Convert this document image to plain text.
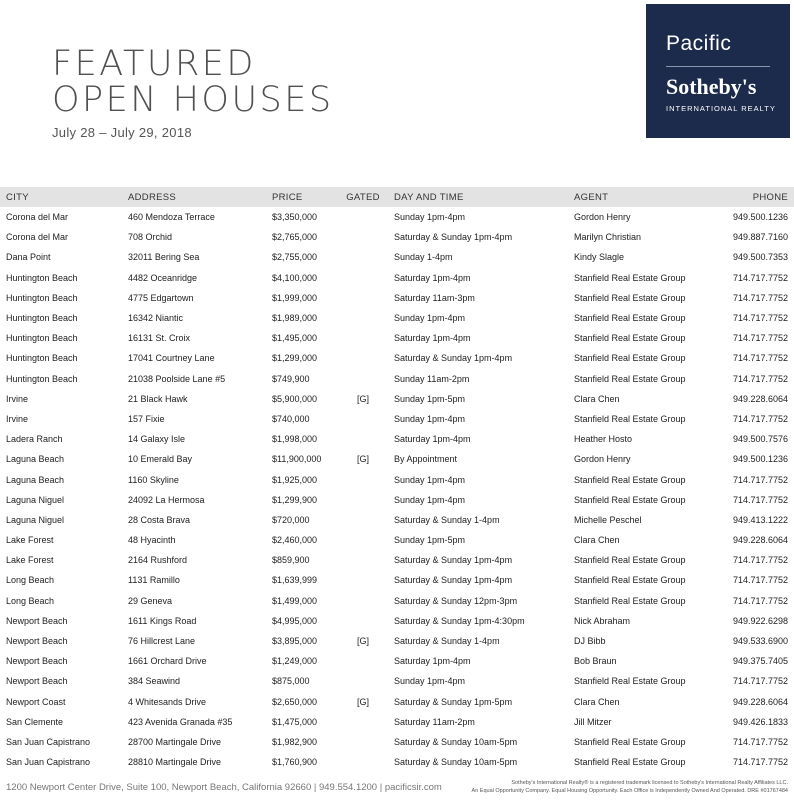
FEATURED
OPEN HOUSES
July 28 – July 29, 2018
Pacific
Sotheby's
INTERNATIONAL REALTY
CITY	ADDRESS	PRICE	GATED	DAY AND TIME	AGENT	PHONE
Corona del Mar	460 Mendoza Terrace	$3,350,000		Sunday 1pm-4pm	Gordon Henry	949.500.1236
Corona del Mar	708 Orchid	$2,765,000		Saturday & Sunday 1pm-4pm	Marilyn Christian	949.887.7160
Dana Point	32011 Bering Sea	$2,755,000		Sunday 1-4pm	Kindy Slagle	949.500.7353
Huntington Beach	4482 Oceanridge	$4,100,000		Saturday 1pm-4pm	Stanfield Real Estate Group	714.717.7752
Huntington Beach	4775 Edgartown	$1,999,000		Saturday 11am-3pm	Stanfield Real Estate Group	714.717.7752
Huntington Beach	16342 Niantic	$1,989,000		Sunday 1pm-4pm	Stanfield Real Estate Group	714.717.7752
Huntington Beach	16131 St. Croix	$1,495,000		Saturday 1pm-4pm	Stanfield Real Estate Group	714.717.7752
Huntington Beach	17041 Courtney Lane	$1,299,000		Saturday & Sunday 1pm-4pm	Stanfield Real Estate Group	714.717.7752
Huntington Beach	21038 Poolside Lane #5	$749,900		Sunday 11am-2pm	Stanfield Real Estate Group	714.717.7752
Irvine	21 Black Hawk	$5,900,000	[G]	Sunday 1pm-5pm	Clara Chen	949.228.6064
Irvine	157 Fixie	$740,000		Sunday 1pm-4pm	Stanfield Real Estate Group	714.717.7752
Ladera Ranch	14 Galaxy Isle	$1,998,000		Saturday 1pm-4pm	Heather Hosto	949.500.7576
Laguna Beach	10 Emerald Bay	$11,900,000	[G]	By Appointment	Gordon Henry	949.500.1236
Laguna Beach	1160 Skyline	$1,925,000		Sunday 1pm-4pm	Stanfield Real Estate Group	714.717.7752
Laguna Niguel	24092 La Hermosa	$1,299,900		Sunday 1pm-4pm	Stanfield Real Estate Group	714.717.7752
Laguna Niguel	28 Costa Brava	$720,000		Saturday & Sunday 1-4pm	Michelle Peschel	949.413.1222
Lake Forest	48 Hyacinth	$2,460,000		Sunday 1pm-5pm	Clara Chen	949.228.6064
Lake Forest	2164 Rushford	$859,900		Saturday & Sunday 1pm-4pm	Stanfield Real Estate Group	714.717.7752
Long Beach	1131 Ramillo	$1,639,999		Saturday & Sunday 1pm-4pm	Stanfield Real Estate Group	714.717.7752
Long Beach	29 Geneva	$1,499,000		Saturday & Sunday 12pm-3pm	Stanfield Real Estate Group	714.717.7752
Newport Beach	1611 Kings Road	$4,995,000		Saturday & Sunday 1pm-4:30pm	Nick Abraham	949.922.6298
Newport Beach	76 Hillcrest Lane	$3,895,000	[G]	Saturday & Sunday 1-4pm	DJ Bibb	949.533.6900
Newport Beach	1661 Orchard Drive	$1,249,000		Saturday 1pm-4pm	Bob Braun	949.375.7405
Newport Beach	384 Seawind	$875,000		Sunday 1pm-4pm	Stanfield Real Estate Group	714.717.7752
Newport Coast	4 Whitesands Drive	$2,650,000	[G]	Saturday & Sunday 1pm-5pm	Clara Chen	949.228.6064
San Clemente	423 Avenida Granada #35	$1,475,000		Saturday 11am-2pm	Jill Mitzer	949.426.1833
San Juan Capistrano	28700 Martingale Drive	$1,982,900		Saturday & Sunday 10am-5pm	Stanfield Real Estate Group	714.717.7752
San Juan Capistrano	28810 Martingale Drive	$1,760,900		Saturday & Sunday 10am-5pm	Stanfield Real Estate Group	714.717.7752
1200 Newport Center Drive, Suite 100, Newport Beach, California 92660 | 949.554.1200 | pacificsir.com	Sotheby's International Realty® is a registered trademark licensed to Sotheby's International Realty Affiliates LLC.
An Equal Opportunity Company. Equal Housing Opportunity. Each Office is Independently Owned And Operated. DRE #01767484
